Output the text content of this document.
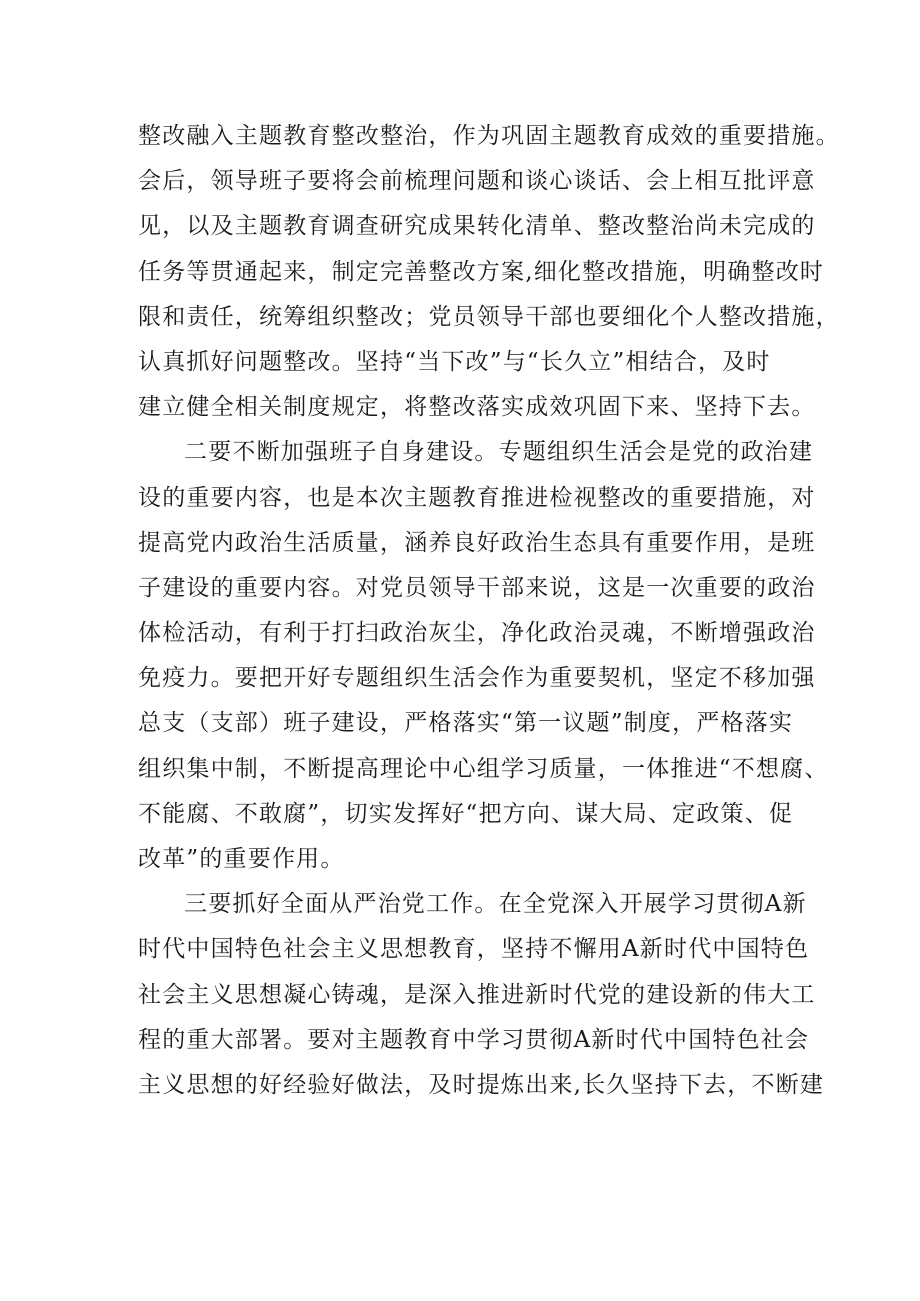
整改融入主题教育整改整治，作为巩固主题教育成效的重要措施。
会后，领导班子要将会前梳理问题和谈心谈话、会上相互批评意
见，以及主题教育调查研究成果转化清单、整改整治尚未完成的
任务等贯通起来，制定完善整改方案,细化整改措施，明确整改时
限和责任，统筹组织整改；党员领导干部也要细化个人整改措施，
认真抓好问题整改。坚持“当下改”与“长久立”相结合，及时
建立健全相关制度规定，将整改落实成效巩固下来、坚持下去。
二要不断加强班子自身建设。专题组织生活会是党的政治建
设的重要内容，也是本次主题教育推进检视整改的重要措施，对
提高党内政治生活质量，涵养良好政治生态具有重要作用，是班
子建设的重要内容。对党员领导干部来说，这是一次重要的政治
体检活动，有利于打扫政治灰尘，净化政治灵魂，不断增强政治
免疫力。要把开好专题组织生活会作为重要契机，坚定不移加强
总支（支部）班子建设，严格落实“第一议题”制度，严格落实
组织集中制，不断提高理论中心组学习质量，一体推进“不想腐、
不能腐、不敢腐”，切实发挥好“把方向、谋大局、定政策、促
改革”的重要作用。
三要抓好全面从严治党工作。在全党深入开展学习贯彻A新
时代中国特色社会主义思想教育，坚持不懈用A新时代中国特色
社会主义思想凝心铸魂，是深入推进新时代党的建设新的伟大工
程的重大部署。要对主题教育中学习贯彻A新时代中国特色社会
主义思想的好经验好做法，及时提炼出来,长久坚持下去，不断建
